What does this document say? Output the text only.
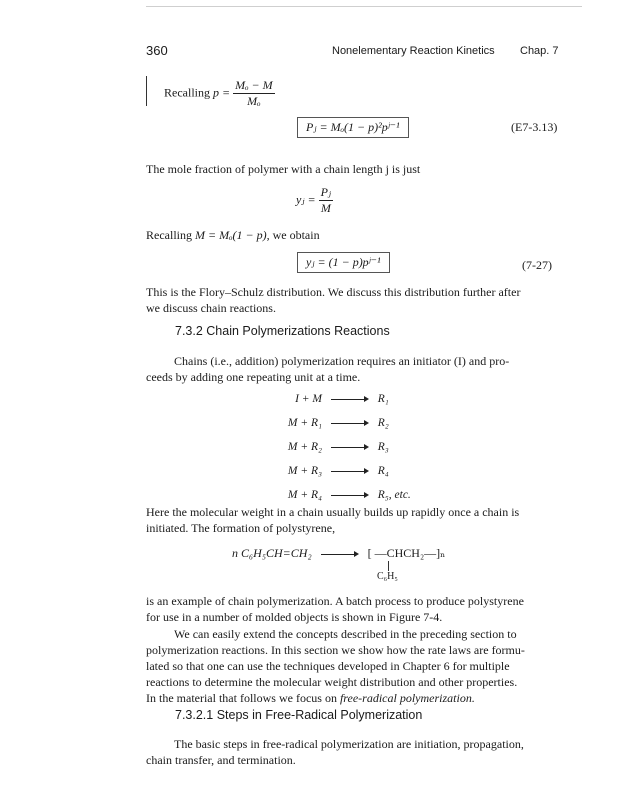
360	Nonelementary Reaction Kinetics Chap. 7
Recalling $p = \frac{\text{Mₒ − M}}{\text{Mₒ}}$
Pⱼ = Mₒ(1 − p)²pʲ⁻¹	(E7-3.13)
The mole fraction of polymer with a chain length j is just
yⱼ = $\frac{\text{Pⱼ}}{M}$
Recalling M = Mₒ(1 − p), we obtain
yⱼ = (1 − p)pʲ⁻¹	(7-27)
This is the Flory–Schulz distribution. We discuss this distribution further after
we discuss chain reactions.
7.3.2 Chain Polymerizations Reactions
Chains (i.e., addition) polymerization requires an initiator (I) and pro-
ceeds by adding one repeating unit at a time.
I + M	R₁
M + R₁	R₂
M + R₂	R₃
M + R₃	R₄
M + R₄	R₅, etc.
Here the molecular weight in a chain usually builds up rapidly once a chain is
initiated. The formation of polystyrene,
n C₆H₅CH=CH₂	[ —CHCH₂—]ₙ
C₆H₅
is an example of chain polymerization. A batch process to produce polystyrene
for use in a number of molded objects is shown in Figure 7-4.
We can easily extend the concepts described in the preceding section to
polymerization reactions. In this section we show how the rate laws are formu-
lated so that one can use the techniques developed in Chapter 6 for multiple
reactions to determine the molecular weight distribution and other properties.
In the material that follows we focus on free-radical polymerization.
7.3.2.1 Steps in Free-Radical Polymerization
The basic steps in free-radical polymerization are initiation, propagation,
chain transfer, and termination.
